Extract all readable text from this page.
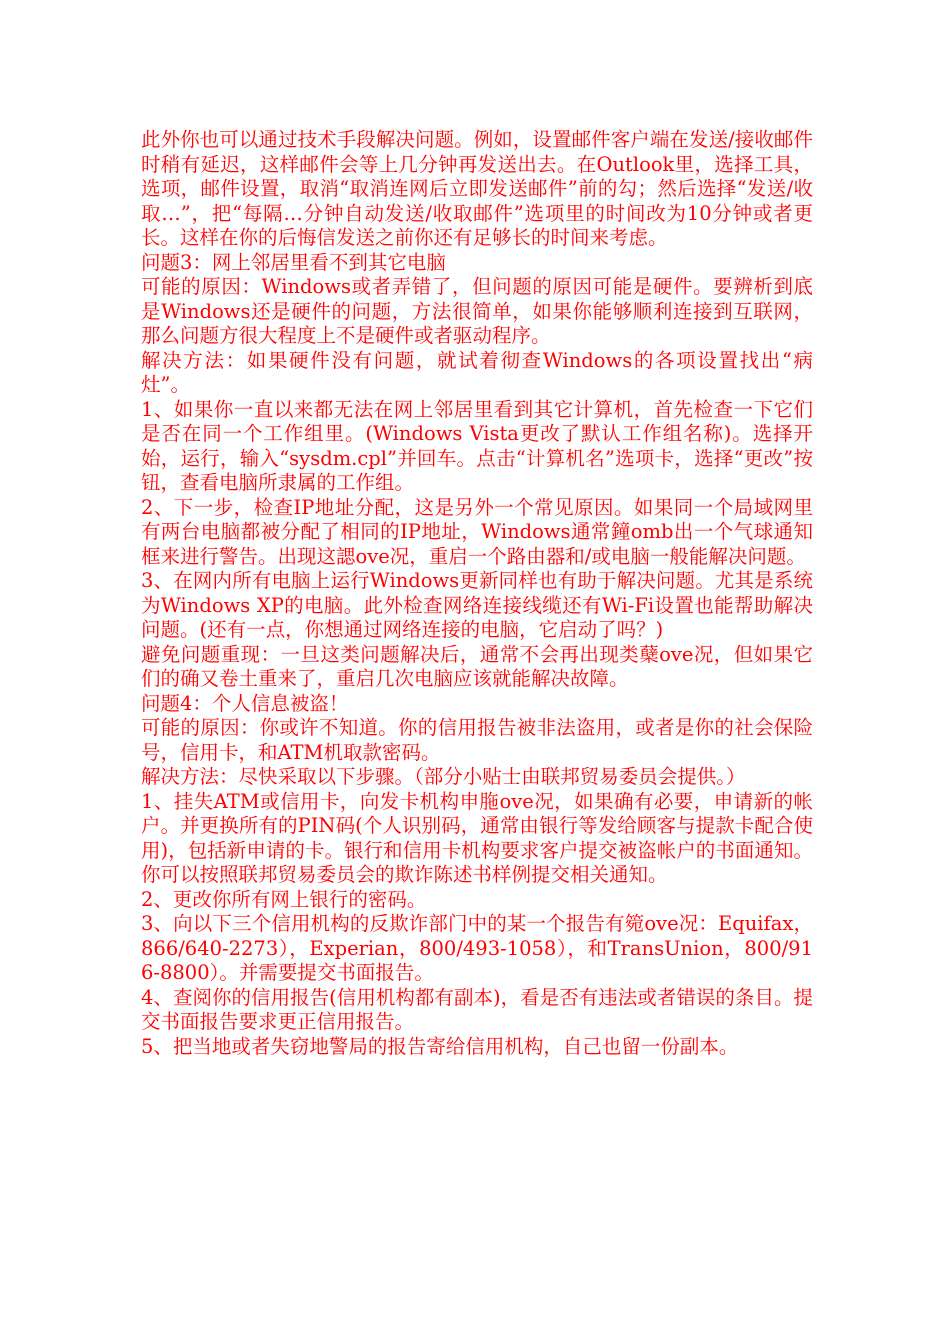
此外你也可以通过技术手段解决问题。例如，设置邮件客户端在发送/接收邮件时稍有延迟，这样邮件会等上几分钟再发送出去。在Outlook里，选择工具，选项，邮件设置，取消“取消连网后立即发送邮件”前的勾；然后选择“发送/收取…”，把“每隔…分钟自动发送/收取邮件”选项里的时间改为10分钟或者更长。这样在你的后悔信发送之前你还有足够长的时间来考虑。

问题3：网上邻居里看不到其它电脑

可能的原因：Windows或者弄错了，但问题的原因可能是硬件。要辨析到底是Windows还是硬件的问题，方法很简单，如果你能够顺利连接到互联网，那么问题方很大程度上不是硬件或者驱动程序。

解决方法：如果硬件没有问题，就试着彻查Windows的各项设置找出“病灶”。

1、如果你一直以来都无法在网上邻居里看到其它计算机，首先检查一下它们是否在同一个工作组里。(Windows Vista更改了默认工作组名称)。选择开始，运行，输入“sysdm.cpl”并回车。点击“计算机名”选项卡，选择“更改”按钮，查看电脑所隶属的工作组。

2、下一步，检查IP地址分配，这是另外一个常见原因。如果同一个局域网里有两台电脑都被分配了相同的IP地址，Windows通常鐘omb出一个气球通知框来进行警告。出现这諰ove况，重启一个路由器和/或电脑一般能解决问题。

3、在网内所有电脑上运行Windows更新同样也有助于解决问题。尤其是系统为Windows XP的电脑。此外检查网络连接线缆还有Wi-Fi设置也能帮助解决问题。(还有一点，你想通过网络连接的电脑，它启动了吗？)

避免问题重现：一旦这类问题解决后，通常不会再出现类蘖ove况，但如果它们的确又卷土重来了，重启几次电脑应该就能解决故障。

问题4：个人信息被盗！

可能的原因：你或许不知道。你的信用报告被非法盗用，或者是你的社会保险号，信用卡，和ATM机取款密码。

解决方法：尽快采取以下步骤。（部分小贴士由联邦贸易委员会提供。）

1、挂失ATM或信用卡，向发卡机构申胣ove况，如果确有必要，申请新的帐户。并更换所有的PIN码(个人识别码，通常由银行等发给顾客与提款卡配合使用)，包括新申请的卡。银行和信用卡机构要求客户提交被盗帐户的书面通知。你可以按照联邦贸易委员会的欺诈陈述书样例提交相关通知。

2、更改你所有网上银行的密码。

3、向以下三个信用机构的反欺诈部门中的某一个报告有箢ove况：Equifax，866/640-2273），Experian，800/493-1058），和TransUnion，800/916-8800）。并需要提交书面报告。

4、查阅你的信用报告(信用机构都有副本)，看是否有违法或者错误的条目。提交书面报告要求更正信用报告。

5、把当地或者失窃地警局的报告寄给信用机构，自己也留一份副本。
